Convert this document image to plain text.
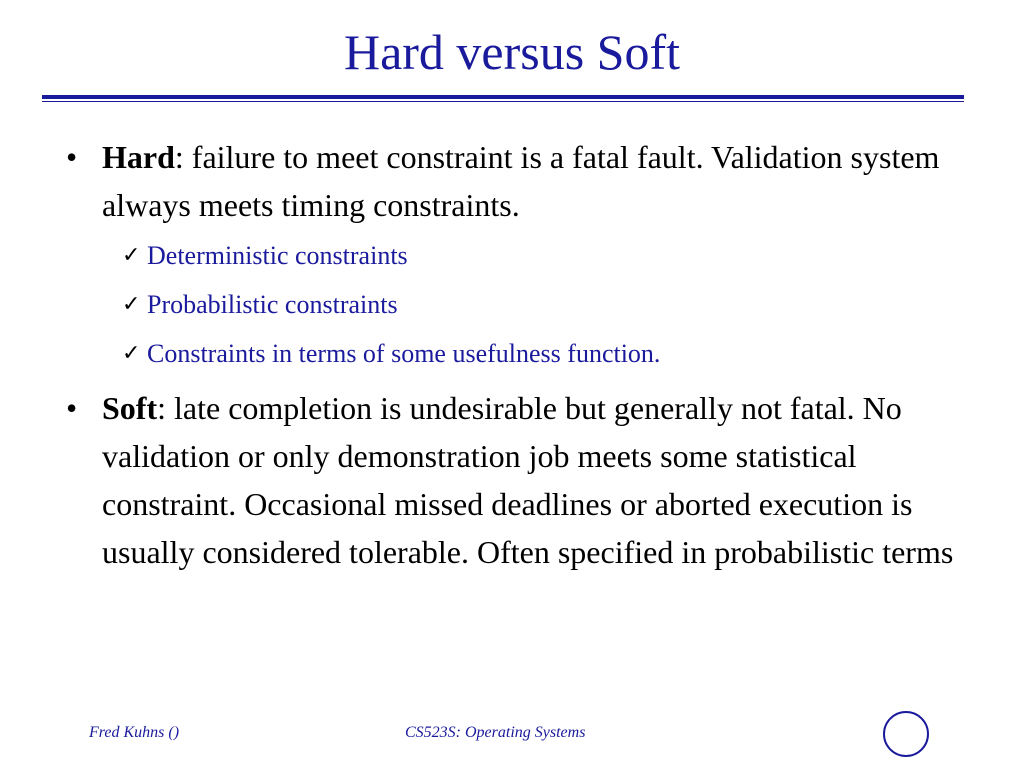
Hard versus Soft
• Hard: failure to meet constraint is a fatal fault. Validation system always meets timing constraints.
✓ Deterministic constraints
✓ Probabilistic constraints
✓ Constraints in terms of some usefulness function.
• Soft: late completion is undesirable but generally not fatal. No validation or only demonstration job meets some statistical constraint. Occasional missed deadlines or aborted execution is usually considered tolerable. Often specified in probabilistic terms
Fred Kuhns ()	CS523S: Operating Systems
